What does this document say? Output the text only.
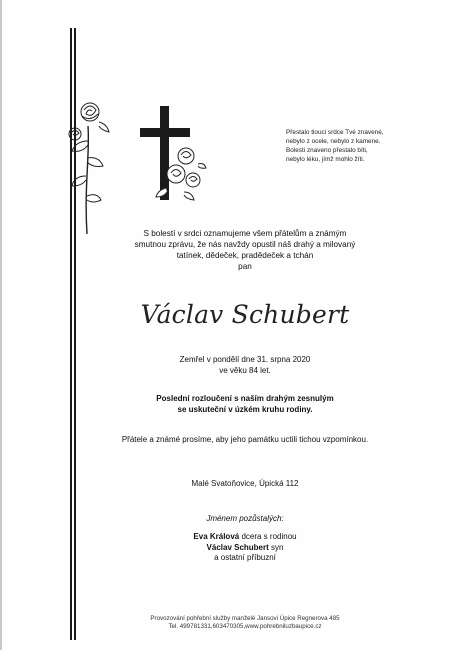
Přestalo tlouci srdce Tvé znavené,
nebylo z ocele, nebylo z kamene.
Bolesti znaveno přestalo bíti,
nebylo léku, jímž mohlo žíti.
S bolestí v srdci oznamujeme všem přátelům a známým
smutnou zprávu, že nás navždy opustil náš drahý a milovaný
tatínek, dědeček, pradědeček a tchán
pan
Václav Schubert
Zemřel v pondělí dne 31. srpna 2020
ve věku 84 let.
Poslední rozloučení s naším drahým zesnulým
se uskuteční v úzkém kruhu rodiny.
Přátele a známé prosíme, aby jeho památku uctili tichou vzpomínkou.
Malé Svatoňovice, Úpická 112
Jménem pozůstalých:
Eva Králová dcera s rodinou
Václav Schubert syn
a ostatní příbuzní
Provozování pohřební služby manželé Jansovi Úpice Regnerova 485
Tel. 499781331,603470305,www.pohrebniluzbaupice.cz
